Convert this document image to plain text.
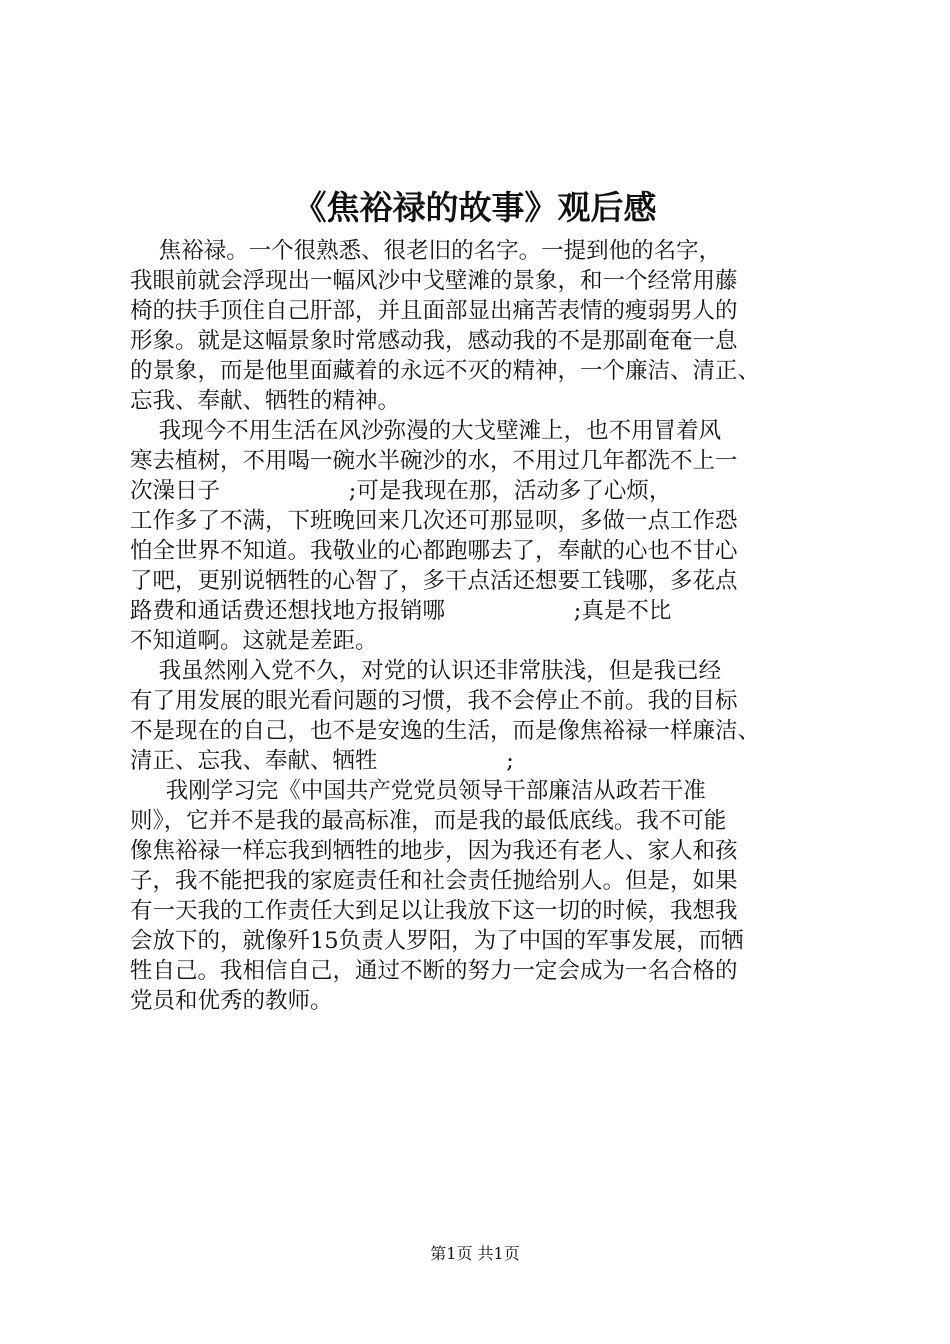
《焦裕禄的故事》观后感
焦裕禄。一个很熟悉、很老旧的名字。一提到他的名字，
我眼前就会浮现出一幅风沙中戈壁滩的景象，和一个经常用藤
椅的扶手顶住自己肝部，并且面部显出痛苦表情的瘦弱男人的
形象。就是这幅景象时常感动我，感动我的不是那副奄奄一息
的景象，而是他里面藏着的永远不灭的精神，一个廉洁、清正、
忘我、奉献、牺牲的精神。
我现今不用生活在风沙弥漫的大戈壁滩上，也不用冒着风
寒去植树，不用喝一碗水半碗沙的水，不用过几年都洗不上一
次澡日子                  ;可是我现在那，活动多了心烦，
工作多了不满，下班晚回来几次还可那显呗，多做一点工作恐
怕全世界不知道。我敬业的心都跑哪去了，奉献的心也不甘心
了吧，更别说牺牲的心智了，多干点活还想要工钱哪，多花点
路费和通话费还想找地方报销哪                  ;真是不比
不知道啊。这就是差距。
我虽然刚入党不久，对党的认识还非常肤浅，但是我已经
有了用发展的眼光看问题的习惯，我不会停止不前。我的目标
不是现在的自己，也不是安逸的生活，而是像焦裕禄一样廉洁、
清正、忘我、奉献、牺牲                  ;
我刚学习完《中国共产党党员领导干部廉洁从政若干准
则》，它并不是我的最高标准，而是我的最低底线。我不可能
像焦裕禄一样忘我到牺牲的地步，因为我还有老人、家人和孩
子，我不能把我的家庭责任和社会责任抛给别人。但是，如果
有一天我的工作责任大到足以让我放下这一切的时候，我想我
会放下的，就像歼15负责人罗阳，为了中国的军事发展，而牺
牲自己。我相信自己，通过不断的努力一定会成为一名合格的
党员和优秀的教师。
第1页 共1页
